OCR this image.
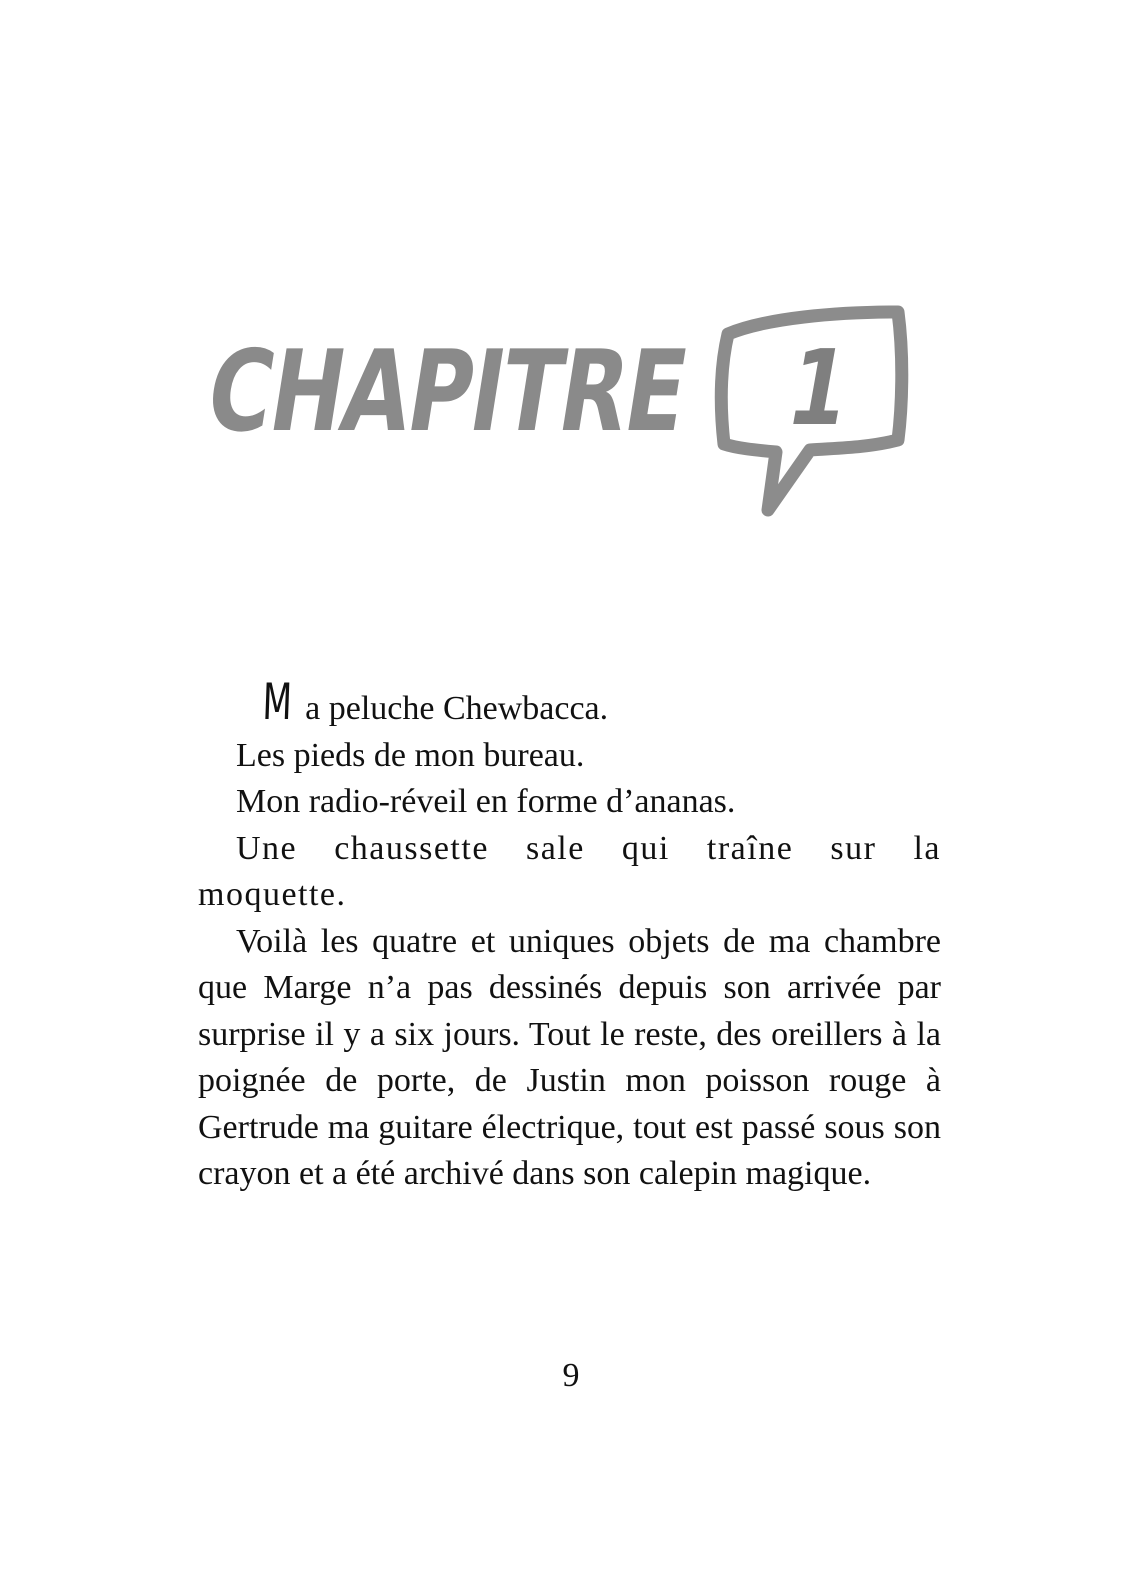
CHAPITRE 1

M a peluche Chewbacca.

Les pieds de mon bureau.

Mon radio-réveil en forme d’ananas.

Une chaussette sale qui traîne sur la moquette.

Voilà les quatre et uniques objets de ma chambre que Marge n’a pas dessinés depuis son arrivée par surprise il y a six jours. Tout le reste, des oreillers à la poignée de porte, de Justin mon poisson rouge à Gertrude ma guitare électrique, tout est passé sous son crayon et a été archivé dans son calepin magique.

9
